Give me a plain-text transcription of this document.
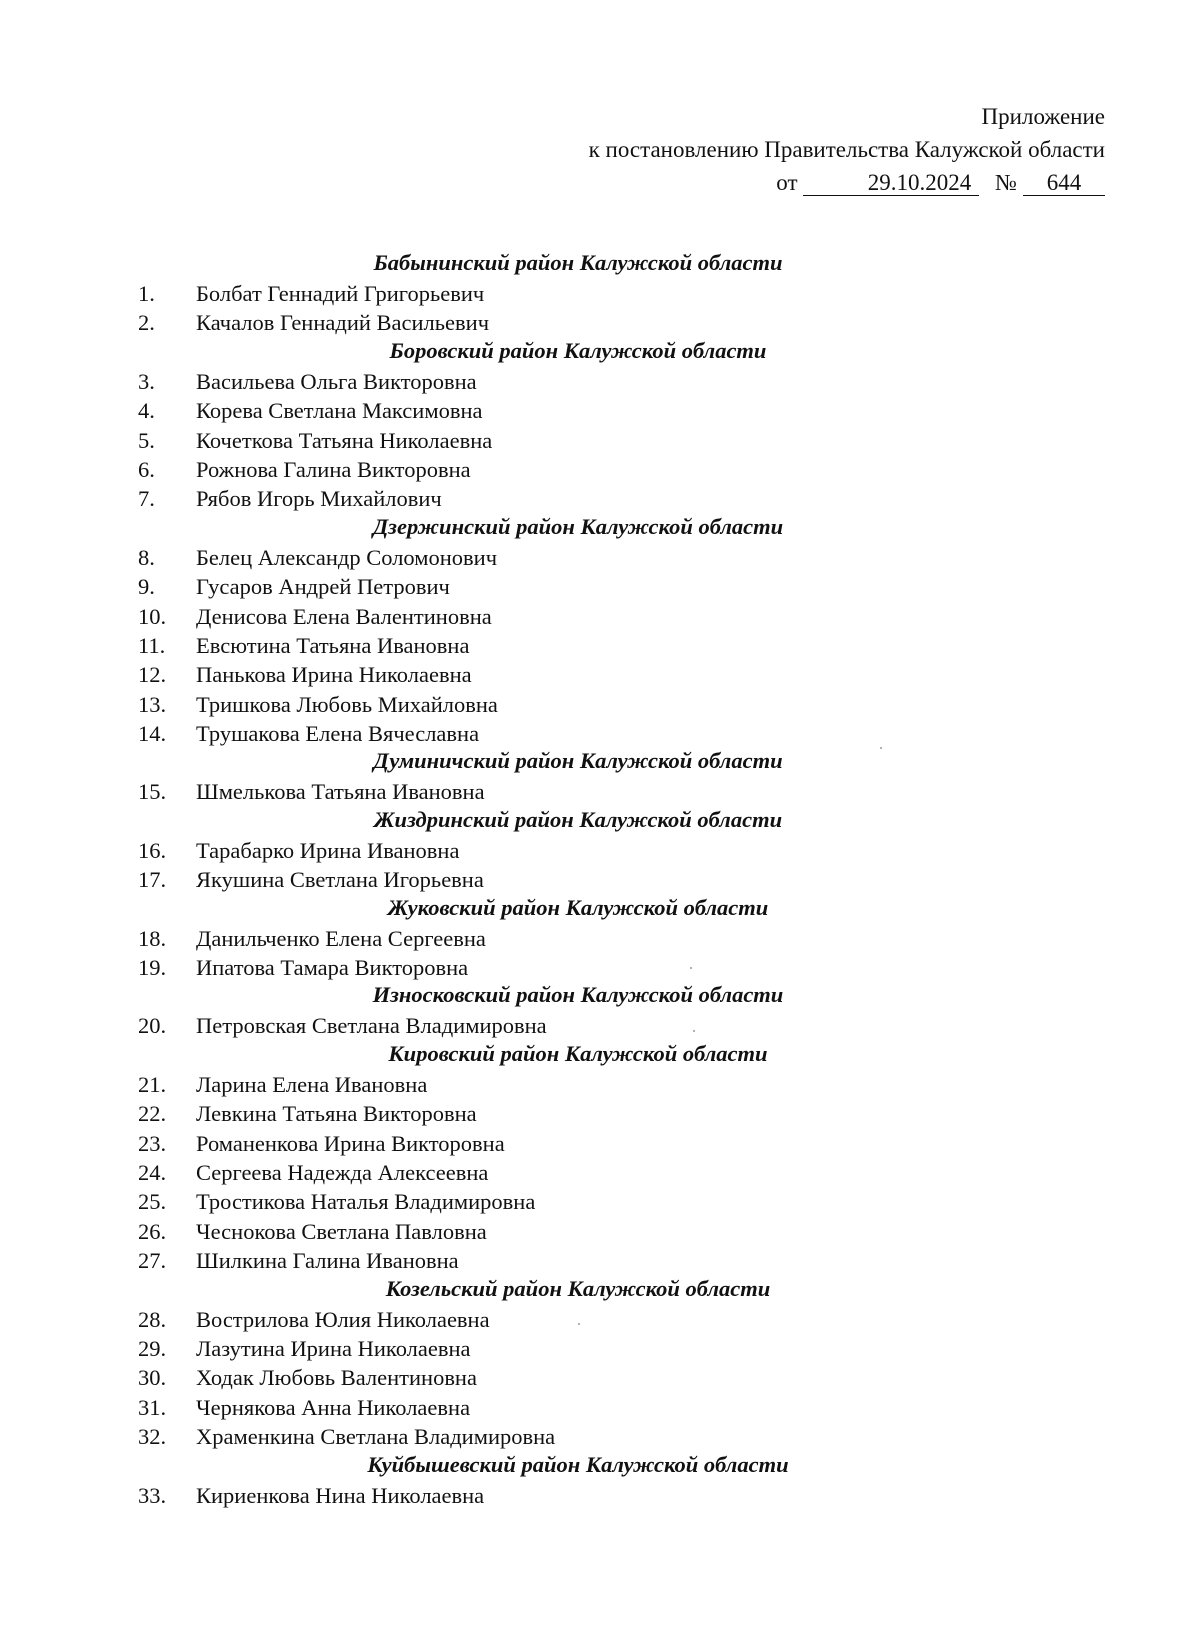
Приложение
к постановлению Правительства Калужской области
от	29.10.2024 № 644
Бабынинский район Калужской области
1.	Болбат Геннадий Григорьевич
2.	Качалов Геннадий Васильевич
Боровский район Калужской области
3.	Васильева Ольга Викторовна
4.	Корева Светлана Максимовна
5.	Кочеткова Татьяна Николаевна
6.	Рожнова Галина Викторовна
7.	Рябов Игорь Михайлович
Дзержинский район Калужской области
8.	Белец Александр Соломонович
9.	Гусаров Андрей Петрович
10.	Денисова Елена Валентиновна
11.	Евсютина Татьяна Ивановна
12.	Панькова Ирина Николаевна
13.	Тришкова Любовь Михайловна
14.	Трушакова Елена Вячеславна
Думиничский район Калужской области
15.	Шмелькова Татьяна Ивановна
Жиздринский район Калужской области
16.	Тарабарко Ирина Ивановна
17.	Якушина Светлана Игорьевна
Жуковский район Калужской области
18.	Данильченко Елена Сергеевна
19.	Ипатова Тамара Викторовна
Износковский район Калужской области
20.	Петровская Светлана Владимировна
Кировский район Калужской области
21.	Ларина Елена Ивановна
22.	Левкина Татьяна Викторовна
23.	Романенкова Ирина Викторовна
24.	Сергеева Надежда Алексеевна
25.	Тростикова Наталья Владимировна
26.	Чеснокова Светлана Павловна
27.	Шилкина Галина Ивановна
Козельский район Калужской области
28.	Вострилова Юлия Николаевна
29.	Лазутина Ирина Николаевна
30.	Ходак Любовь Валентиновна
31.	Чернякова Анна Николаевна
32.	Храменкина Светлана Владимировна
Куйбышевский район Калужской области
33.	Кириенкова Нина Николаевна
